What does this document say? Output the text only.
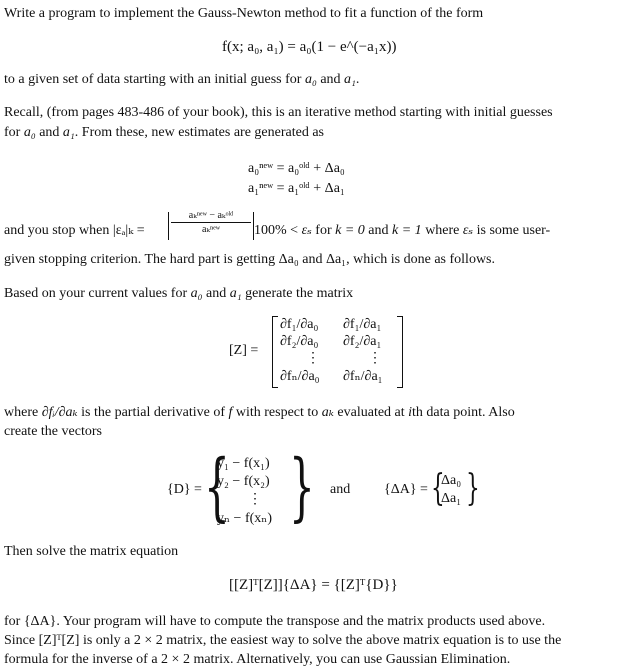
Write a program to implement the Gauss-Newton method to fit a function of the form
f(x; a₀, a₁) = a₀(1 − e^(−a₁x))
to a given set of data starting with an initial guess for a₀ and a₁.
Recall, (from pages 483-486 of your book), this is an iterative method starting with initial guesses
for a₀ and a₁. From these, new estimates are generated as
a₀ⁿᵉʷ = a₀ᵒˡᵈ + Δa₀
a₁ⁿᵉʷ = a₁ᵒˡᵈ + Δa₁
and you stop when |εₐ|ₖ =
aₖⁿᵉʷ − aₖᵒˡᵈ
aₖⁿᵉʷ	100% < εₛ for k = 0 and k = 1 where εₛ is some user-
given stopping criterion. The hard part is getting Δa₀ and Δa₁, which is done as follows.
Based on your current values for a₀ and a₁ generate the matrix
[Z] =
∂f₁/∂a₀ ∂f₁/∂a₁
∂f₂/∂a₀ ∂f₂/∂a₁
⋮	⋮
∂fₙ/∂a₀ ∂fₙ/∂a₁
where ∂fᵢ/∂aₖ is the partial derivative of f with respect to aₖ evaluated at ith data point. Also
create the vectors
{D} = {
y₁ − f(x₁)
y₂ − f(x₂)
⋮
yₙ − f(xₙ) } and {ΔA} = {
Δa₀
Δa₁ }
Then solve the matrix equation
[[Z]ᵀ[Z]]{ΔA} = {[Z]ᵀ{D}}
for {ΔA}. Your program will have to compute the transpose and the matrix products used above.
Since [Z]ᵀ[Z] is only a 2 × 2 matrix, the easiest way to solve the above matrix equation is to use the
formula for the inverse of a 2 × 2 matrix. Alternatively, you can use Gaussian Elimination.
